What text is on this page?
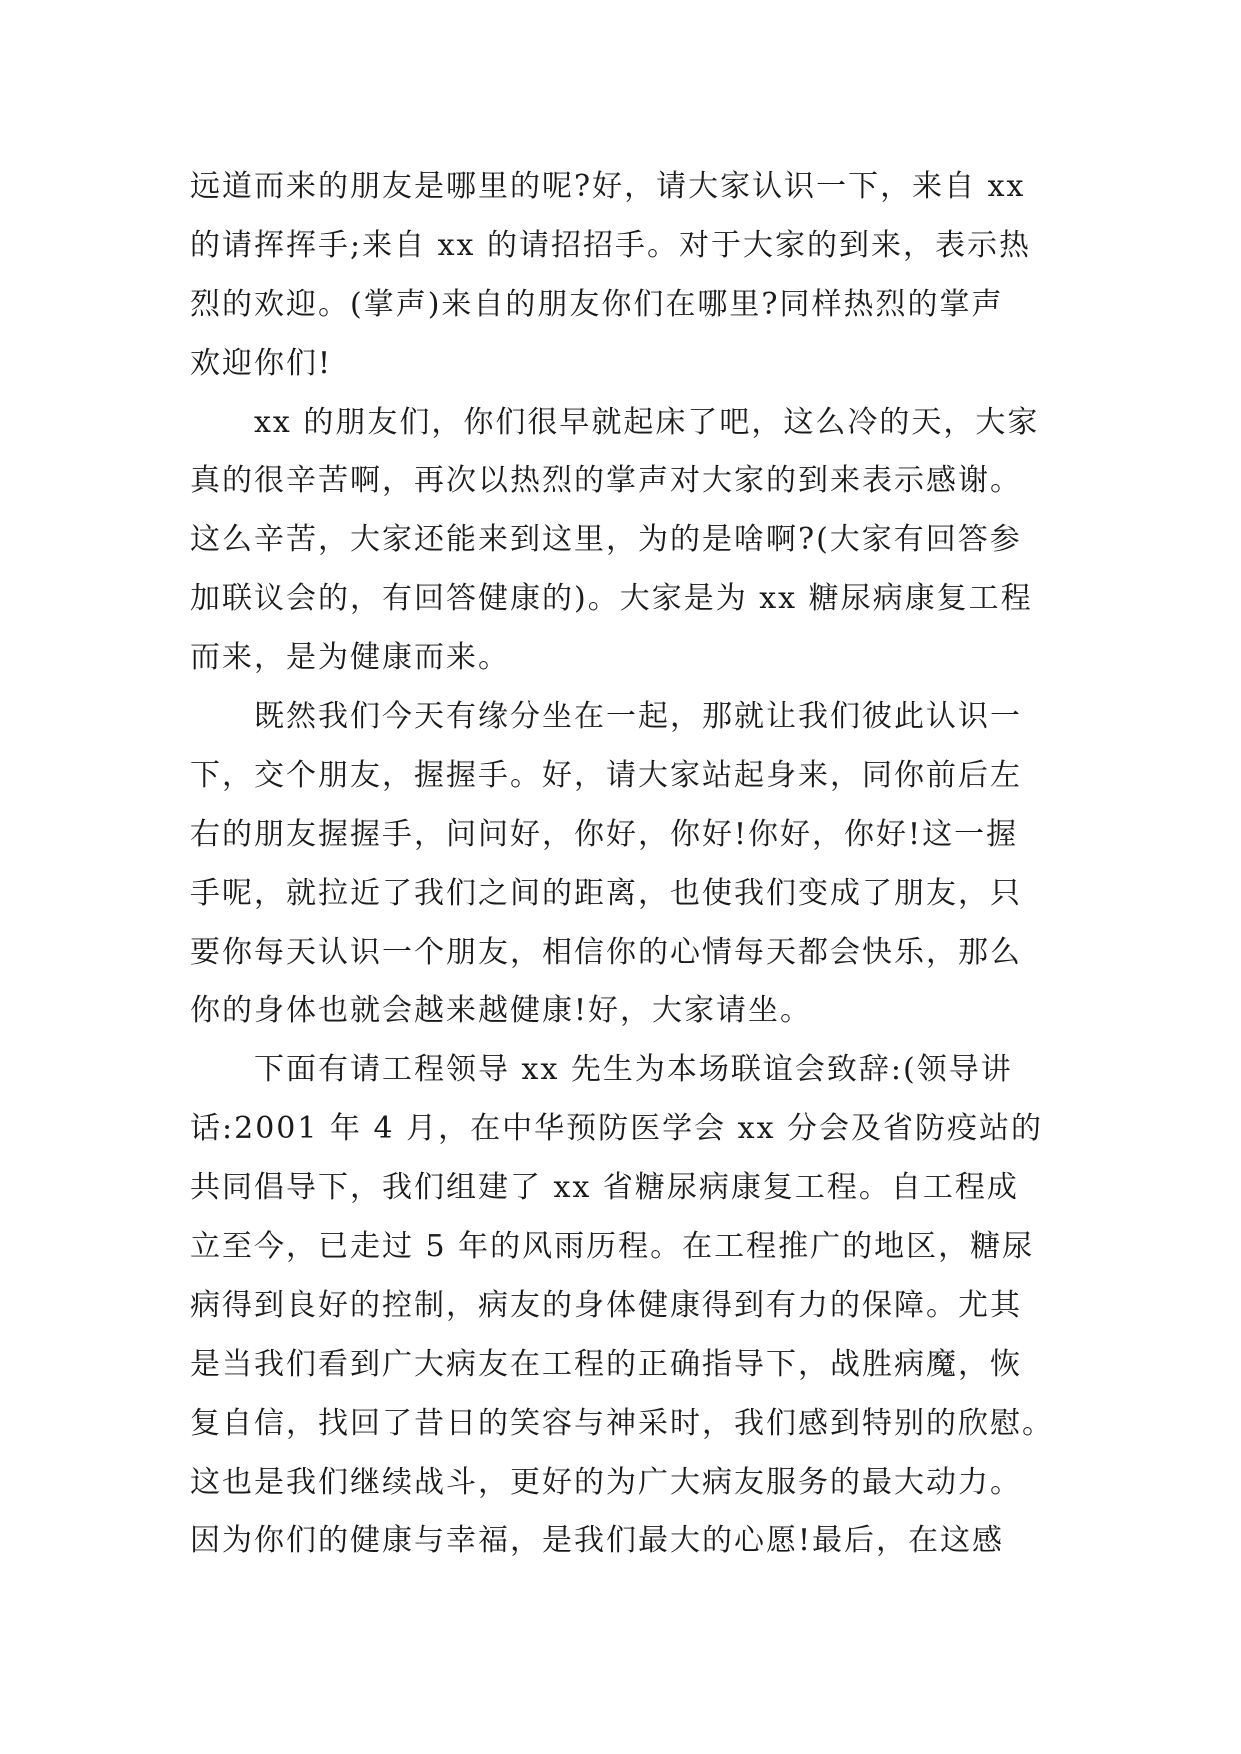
远道而来的朋友是哪里的呢?好，请大家认识一下，来自 xx
的请挥挥手;来自 xx 的请招招手。对于大家的到来，表示热
烈的欢迎。(掌声)来自的朋友你们在哪里?同样热烈的掌声
欢迎你们!
xx 的朋友们，你们很早就起床了吧，这么冷的天，大家
真的很辛苦啊，再次以热烈的掌声对大家的到来表示感谢。
这么辛苦，大家还能来到这里，为的是啥啊?(大家有回答参
加联议会的，有回答健康的)。大家是为 xx 糖尿病康复工程
而来，是为健康而来。
既然我们今天有缘分坐在一起，那就让我们彼此认识一
下，交个朋友，握握手。好，请大家站起身来，同你前后左
右的朋友握握手，问问好，你好，你好!你好，你好!这一握
手呢，就拉近了我们之间的距离，也使我们变成了朋友，只
要你每天认识一个朋友，相信你的心情每天都会快乐，那么
你的身体也就会越来越健康!好，大家请坐。
下面有请工程领导 xx 先生为本场联谊会致辞:(领导讲
话:2001 年 4 月，在中华预防医学会 xx 分会及省防疫站的
共同倡导下，我们组建了 xx 省糖尿病康复工程。自工程成
立至今，已走过 5 年的风雨历程。在工程推广的地区，糖尿
病得到良好的控制，病友的身体健康得到有力的保障。尤其
是当我们看到广大病友在工程的正确指导下，战胜病魔，恢
复自信，找回了昔日的笑容与神采时，我们感到特别的欣慰。
这也是我们继续战斗，更好的为广大病友服务的最大动力。
因为你们的健康与幸福，是我们最大的心愿!最后，在这感
